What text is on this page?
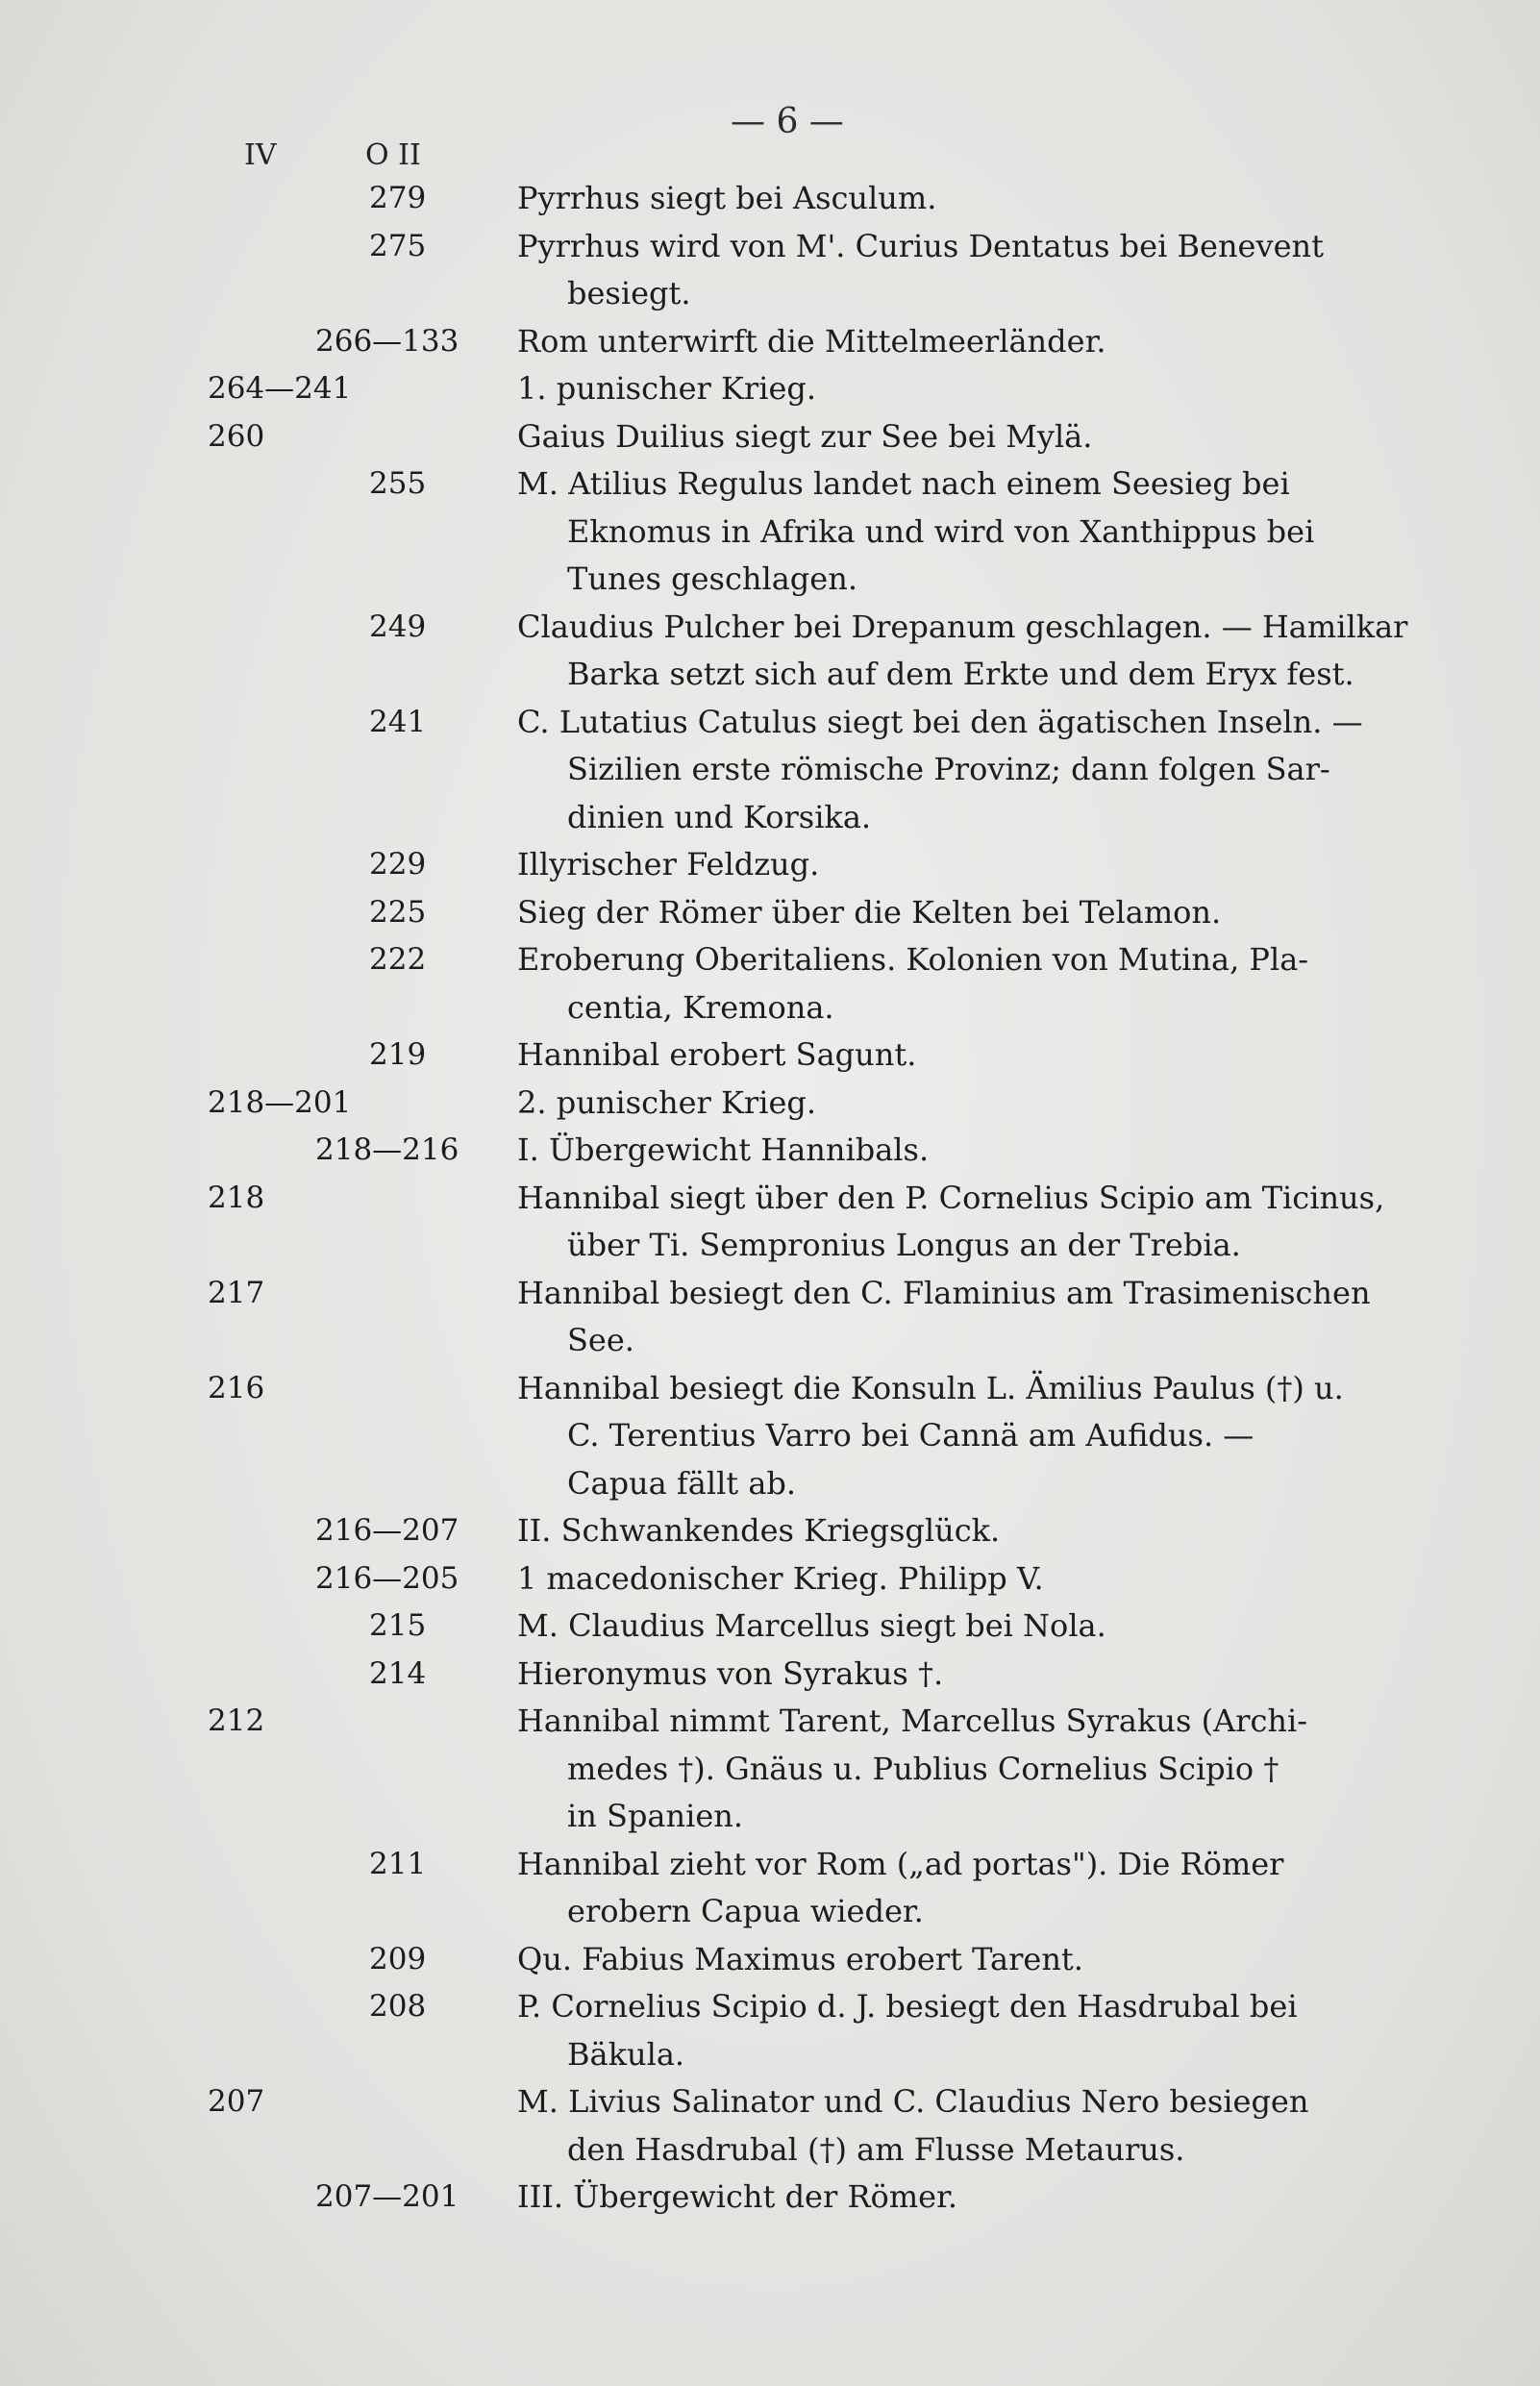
— 6 —
IV	O II
279	Pyrrhus siegt bei Asculum.
275	Pyrrhus wird von M'. Curius Dentatus bei Benevent
besiegt.
266—133 Rom unterwirft die Mittelmeerländer.
264—241	1. punischer Krieg.
260	Gaius Duilius siegt zur See bei Mylä.
255	M. Atilius Regulus landet nach einem Seesieg bei
Eknomus in Afrika und wird von Xanthippus bei
Tunes geschlagen.
249	Claudius Pulcher bei Drepanum geschlagen. — Hamilkar
Barka setzt sich auf dem Erkte und dem Eryx fest.
241	C. Lutatius Catulus siegt bei den ägatischen Inseln. —
Sizilien erste römische Provinz; dann folgen Sar-
dinien und Korsika.
229	Illyrischer Feldzug.
225	Sieg der Römer über die Kelten bei Telamon.
222	Eroberung Oberitaliens. Kolonien von Mutina, Pla-
centia, Kremona.
219	Hannibal erobert Sagunt.
218—201	2. punischer Krieg.
218—216 I. Übergewicht Hannibals.
218	Hannibal siegt über den P. Cornelius Scipio am Ticinus,
über Ti. Sempronius Longus an der Trebia.
217	Hannibal besiegt den C. Flaminius am Trasimenischen
See.
216	Hannibal besiegt die Konsuln L. Ämilius Paulus (†) u.
C. Terentius Varro bei Cannä am Aufidus. —
Capua fällt ab.
216—207 II. Schwankendes Kriegsglück.
216—205 1 macedonischer Krieg. Philipp V.
215	M. Claudius Marcellus siegt bei Nola.
214	Hieronymus von Syrakus †.
212	Hannibal nimmt Tarent, Marcellus Syrakus (Archi-
medes †). Gnäus u. Publius Cornelius Scipio †
in Spanien.
211	Hannibal zieht vor Rom („ad portas"). Die Römer
erobern Capua wieder.
209	Qu. Fabius Maximus erobert Tarent.
208	P. Cornelius Scipio d. J. besiegt den Hasdrubal bei
Bäkula.
207	M. Livius Salinator und C. Claudius Nero besiegen
den Hasdrubal (†) am Flusse Metaurus.
207—201 III. Übergewicht der Römer.
